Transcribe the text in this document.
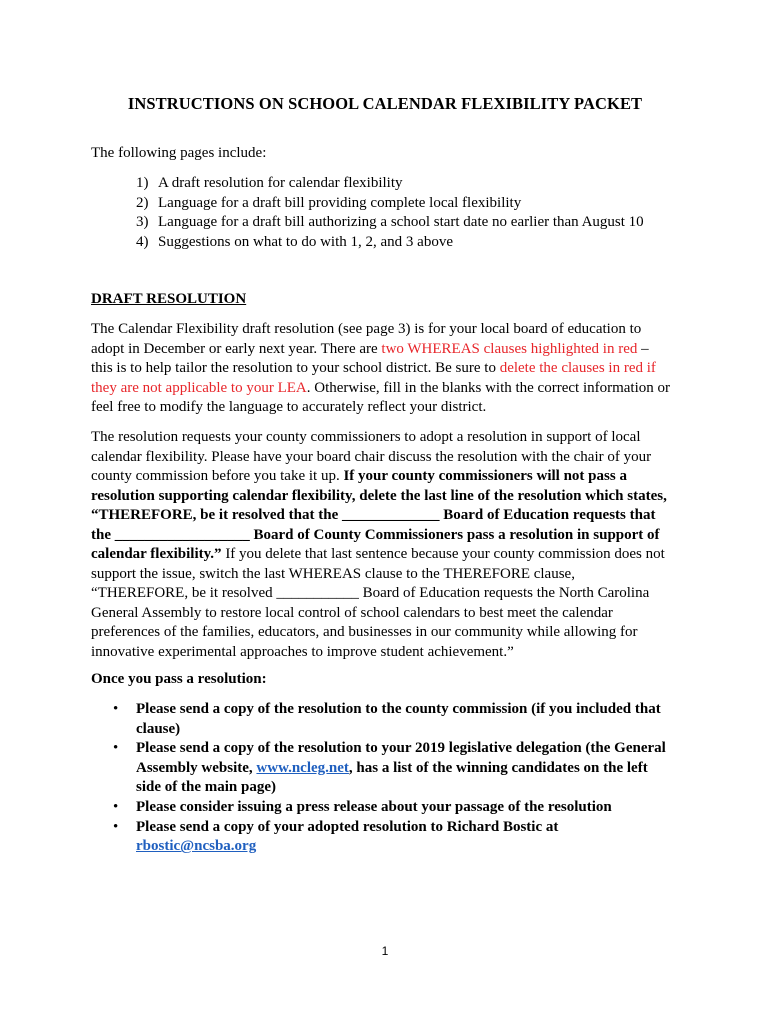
INSTRUCTIONS ON SCHOOL CALENDAR FLEXIBILITY PACKET
The following pages include:
1) A draft resolution for calendar flexibility
2) Language for a draft bill providing complete local flexibility
3) Language for a draft bill authorizing a school start date no earlier than August 10
4) Suggestions on what to do with 1, 2, and 3 above
DRAFT RESOLUTION
The Calendar Flexibility draft resolution (see page 3) is for your local board of education to adopt in December or early next year. There are two WHEREAS clauses highlighted in red – this is to help tailor the resolution to your school district. Be sure to delete the clauses in red if they are not applicable to your LEA. Otherwise, fill in the blanks with the correct information or feel free to modify the language to accurately reflect your district.
The resolution requests your county commissioners to adopt a resolution in support of local calendar flexibility. Please have your board chair discuss the resolution with the chair of your county commission before you take it up. If your county commissioners will not pass a resolution supporting calendar flexibility, delete the last line of the resolution which states, “THEREFORE, be it resolved that the _____________ Board of Education requests that the __________________ Board of County Commissioners pass a resolution in support of calendar flexibility.” If you delete that last sentence because your county commission does not support the issue, switch the last WHEREAS clause to the THEREFORE clause, “THEREFORE, be it resolved ___________ Board of Education requests the North Carolina General Assembly to restore local control of school calendars to best meet the calendar preferences of the families, educators, and businesses in our community while allowing for innovative experimental approaches to improve student achievement.”
Once you pass a resolution:
• Please send a copy of the resolution to the county commission (if you included that clause)
• Please send a copy of the resolution to your 2019 legislative delegation (the General Assembly website, www.ncleg.net, has a list of the winning candidates on the left side of the main page)
• Please consider issuing a press release about your passage of the resolution
• Please send a copy of your adopted resolution to Richard Bostic at rbostic@ncsba.org
1
